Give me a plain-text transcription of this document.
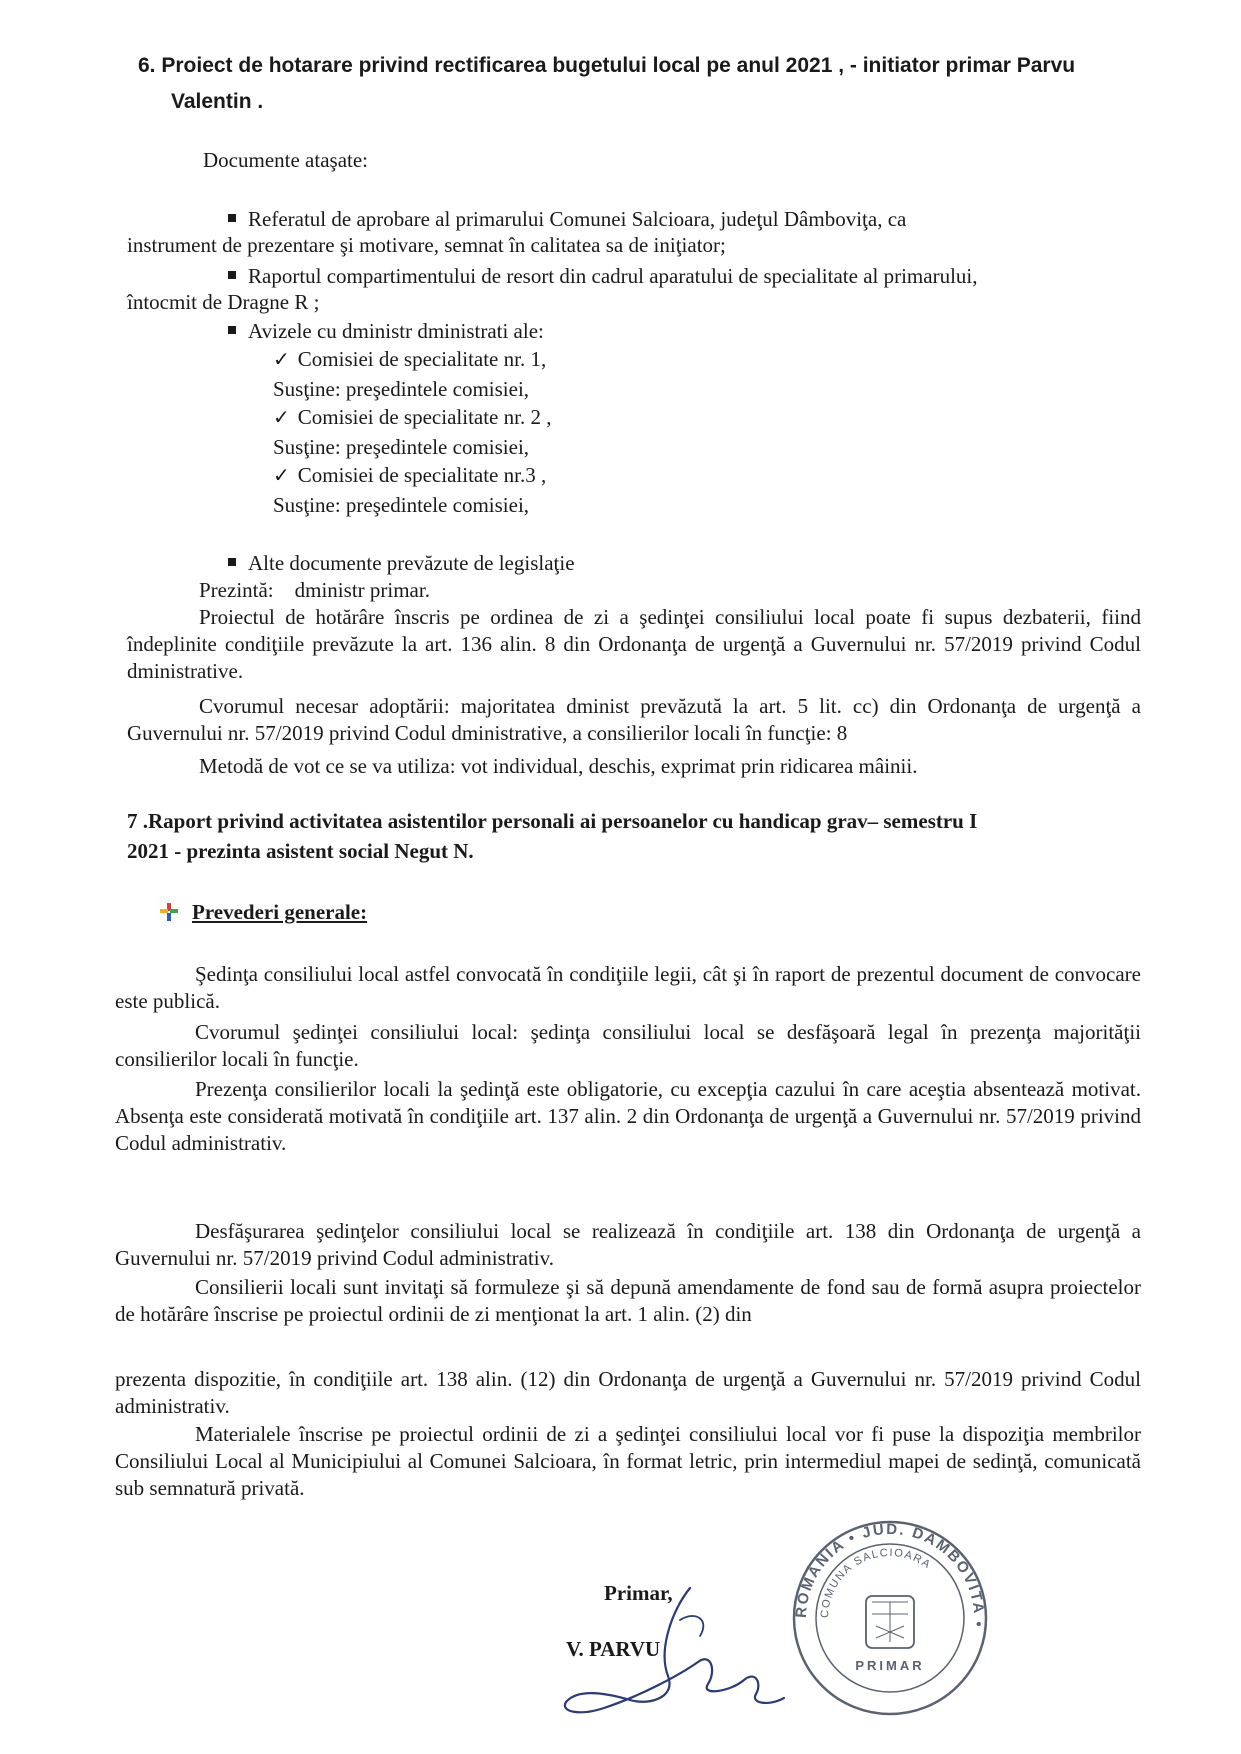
6. Proiect de hotarare privind rectificarea bugetului local pe anul 2021 , - initiator primar Parvu
Valentin .
Documente ataşate:
Referatul de aprobare al primarului Comunei Salcioara, judeţul Dâmboviţa, ca
instrument de prezentare şi motivare, semnat în calitatea sa de iniţiator;
Raportul compartimentului de resort din cadrul aparatului de specialitate al primarului,
întocmit de Dragne R ;
Avizele cu dministr dministrati ale:
✓ Comisiei de specialitate nr. 1,
Susţine: preşedintele comisiei,
✓ Comisiei de specialitate nr. 2 ,
Susţine: preşedintele comisiei,
✓ Comisiei de specialitate nr.3 ,
Susţine: preşedintele comisiei,
Alte documente prevăzute de legislaţie
Prezintă: dministr primar.
Proiectul de hotărâre înscris pe ordinea de zi a şedinţei consiliului local poate fi supus dezbaterii, fiind îndeplinite condiţiile prevăzute la art. 136 alin. 8 din Ordonanţa de urgenţă a Guvernului nr. 57/2019 privind Codul dministrative.
Cvorumul necesar adoptării: majoritatea dminist prevăzută la art. 5 lit. cc) din Ordonanţa de urgenţă a Guvernului nr. 57/2019 privind Codul dministrative, a consilierilor locali în funcţie: 8
Metodă de vot ce se va utiliza: vot individual, deschis, exprimat prin ridicarea mâinii.
7 .Raport privind activitatea asistentilor personali ai persoanelor cu handicap grav– semestru I
2021 - prezinta asistent social Negut N.
Prevederi generale:
Şedinţa consiliului local astfel convocată în condiţiile legii, cât şi în raport de prezentul document de convocare este publică.
Cvorumul şedinţei consiliului local: şedinţa consiliului local se desfăşoară legal în prezenţa majorităţii consilierilor locali în funcţie.
Prezenţa consilierilor locali la şedinţă este obligatorie, cu excepţia cazului în care aceştia absentează motivat. Absenţa este considerată motivată în condiţiile art. 137 alin. 2 din Ordonanţa de urgenţă a Guvernului nr. 57/2019 privind Codul administrativ.
Desfăşurarea şedinţelor consiliului local se realizează în condiţiile art. 138 din Ordonanţa de urgenţă a Guvernului nr. 57/2019 privind Codul administrativ.
Consilierii locali sunt invitaţi să formuleze şi să depună amendamente de fond sau de formă asupra proiectelor de hotărâre înscrise pe proiectul ordinii de zi menţionat la art. 1 alin. (2) din
prezenta dispozitie, în condiţiile art. 138 alin. (12) din Ordonanţa de urgenţă a Guvernului nr. 57/2019 privind Codul administrativ.
Materialele înscrise pe proiectul ordinii de zi a şedinţei consiliului local vor fi puse la dispoziţia membrilor Consiliului Local al Municipiului al Comunei Salcioara, în format letric, prin intermediul mapei de sedinţă, comunicată sub semnatură privată.
Primar,
V. PARVU
ROMÂNIA • JUD. DAMBOVITA •
COMUNA SALCIOARA
PRIMAR
